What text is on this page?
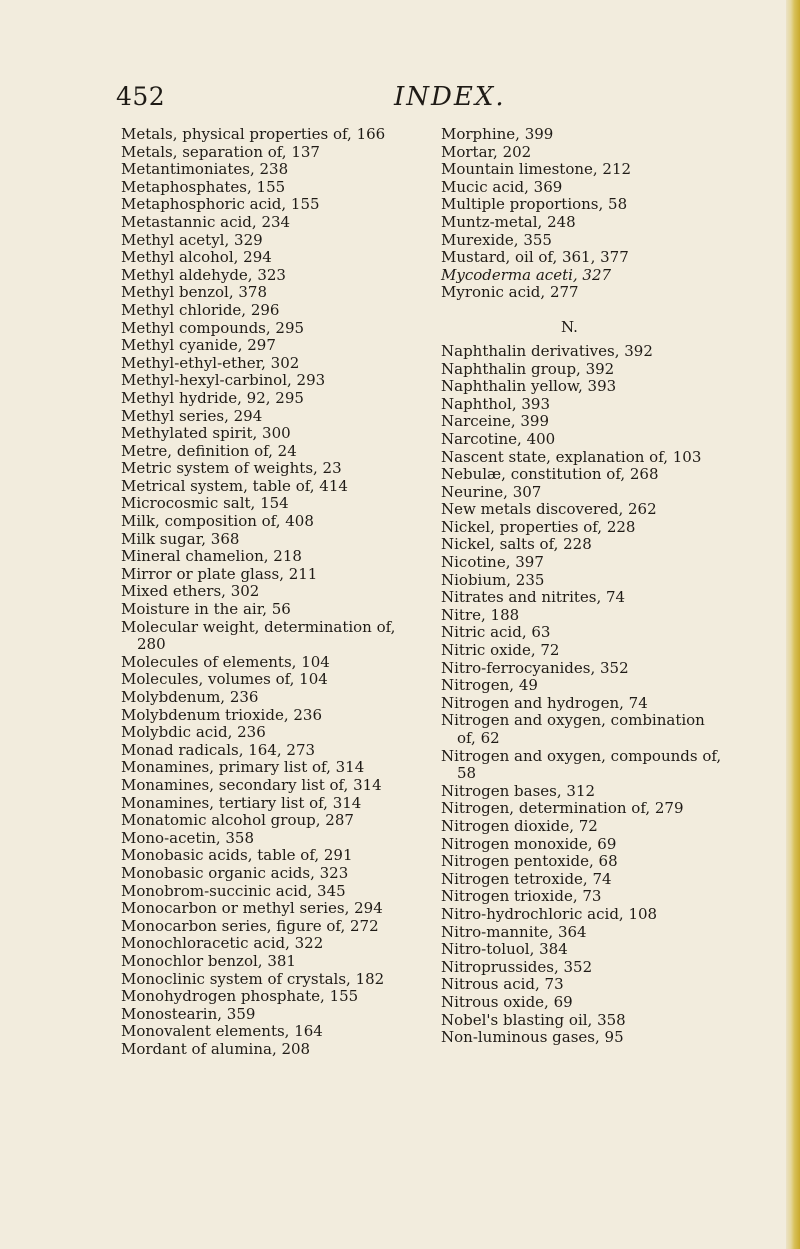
452	INDEX.
Metals, physical properties of, 166
Metals, separation of, 137
Metantimoniates, 238
Metaphosphates, 155
Metaphosphoric acid, 155
Metastannic acid, 234
Methyl acetyl, 329
Methyl alcohol, 294
Methyl aldehyde, 323
Methyl benzol, 378
Methyl chloride, 296
Methyl compounds, 295
Methyl cyanide, 297
Methyl-ethyl-ether, 302
Methyl-hexyl-carbinol, 293
Methyl hydride, 92, 295
Methyl series, 294
Methylated spirit, 300
Metre, definition of, 24
Metric system of weights, 23
Metrical system, table of, 414
Microcosmic salt, 154
Milk, composition of, 408
Milk sugar, 368
Mineral chamelion, 218
Mirror or plate glass, 211
Mixed ethers, 302
Moisture in the air, 56
Molecular weight, determination of,
280
Molecules of elements, 104
Molecules, volumes of, 104
Molybdenum, 236
Molybdenum trioxide, 236
Molybdic acid, 236
Monad radicals, 164, 273
Monamines, primary list of, 314
Monamines, secondary list of, 314
Monamines, tertiary list of, 314
Monatomic alcohol group, 287
Mono-acetin, 358
Monobasic acids, table of, 291
Monobasic organic acids, 323
Monobrom-succinic acid, 345
Monocarbon or methyl series, 294
Monocarbon series, figure of, 272
Monochloracetic acid, 322
Monochlor benzol, 381
Monoclinic system of crystals, 182
Monohydrogen phosphate, 155
Monostearin, 359
Monovalent elements, 164
Mordant of alumina, 208
Morphine, 399
Mortar, 202
Mountain limestone, 212
Mucic acid, 369
Multiple proportions, 58
Muntz-metal, 248
Murexide, 355
Mustard, oil of, 361, 377
Mycoderma aceti, 327
Myronic acid, 277
N.
Naphthalin derivatives, 392
Naphthalin group, 392
Naphthalin yellow, 393
Naphthol, 393
Narceine, 399
Narcotine, 400
Nascent state, explanation of, 103
Nebulæ, constitution of, 268
Neurine, 307
New metals discovered, 262
Nickel, properties of, 228
Nickel, salts of, 228
Nicotine, 397
Niobium, 235
Nitrates and nitrites, 74
Nitre, 188
Nitric acid, 63
Nitric oxide, 72
Nitro-ferrocyanides, 352
Nitrogen, 49
Nitrogen and hydrogen, 74
Nitrogen and oxygen, combination
of, 62
Nitrogen and oxygen, compounds of,
58
Nitrogen bases, 312
Nitrogen, determination of, 279
Nitrogen dioxide, 72
Nitrogen monoxide, 69
Nitrogen pentoxide, 68
Nitrogen tetroxide, 74
Nitrogen trioxide, 73
Nitro-hydrochloric acid, 108
Nitro-mannite, 364
Nitro-toluol, 384
Nitroprussides, 352
Nitrous acid, 73
Nitrous oxide, 69
Nobel's blasting oil, 358
Non-luminous gases, 95
